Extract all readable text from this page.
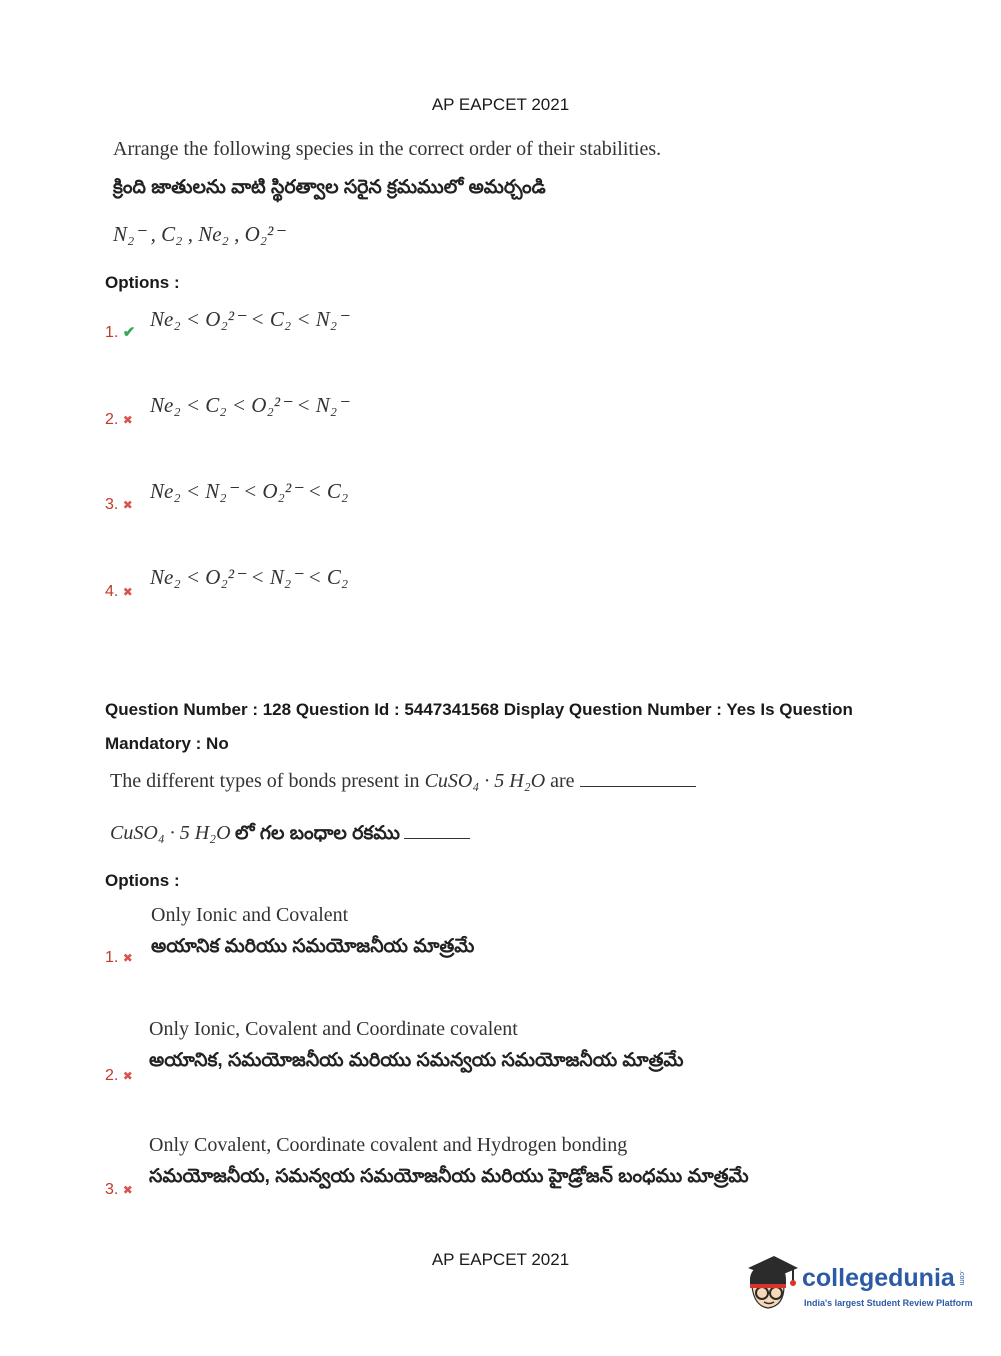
AP EAPCET 2021
Arrange the following species in the correct order of their stabilities.
క్రింది జాతులను వాటి స్థిరత్వాల సరైన క్రమములో అమర్చండి
N₂⁻ , C₂ , Ne₂ , O₂²⁻
Options :
Ne₂ < O₂²⁻ < C₂ < N₂⁻
1. ✔
Ne₂ < C₂ < O₂²⁻ < N₂⁻
2. ✖
Ne₂ < N₂⁻ < O₂²⁻ < C₂
3. ✖
Ne₂ < O₂²⁻ < N₂⁻ < C₂
4. ✖
Question Number : 128 Question Id : 5447341568 Display Question Number : Yes Is Question
Mandatory : No
The different types of bonds present in CuSO₄ · 5 H₂O are
CuSO₄ · 5 H₂O లో గల బంధాల రకము
Options :
Only Ionic and Covalent
అయానిక మరియు సమయోజనీయ మాత్రమే
1. ✖
Only Ionic, Covalent and Coordinate covalent
అయానిక, సమయోజనీయ మరియు సమన్వయ సమయోజనీయ మాత్రమే
2. ✖
Only Covalent, Coordinate covalent and Hydrogen bonding
సమయోజనీయ, సమన్వయ సమయోజనీయ మరియు హైడ్రోజన్ బంధము మాత్రమే
3. ✖
AP EAPCET 2021
collegedunia .com
India's largest Student Review Platform
